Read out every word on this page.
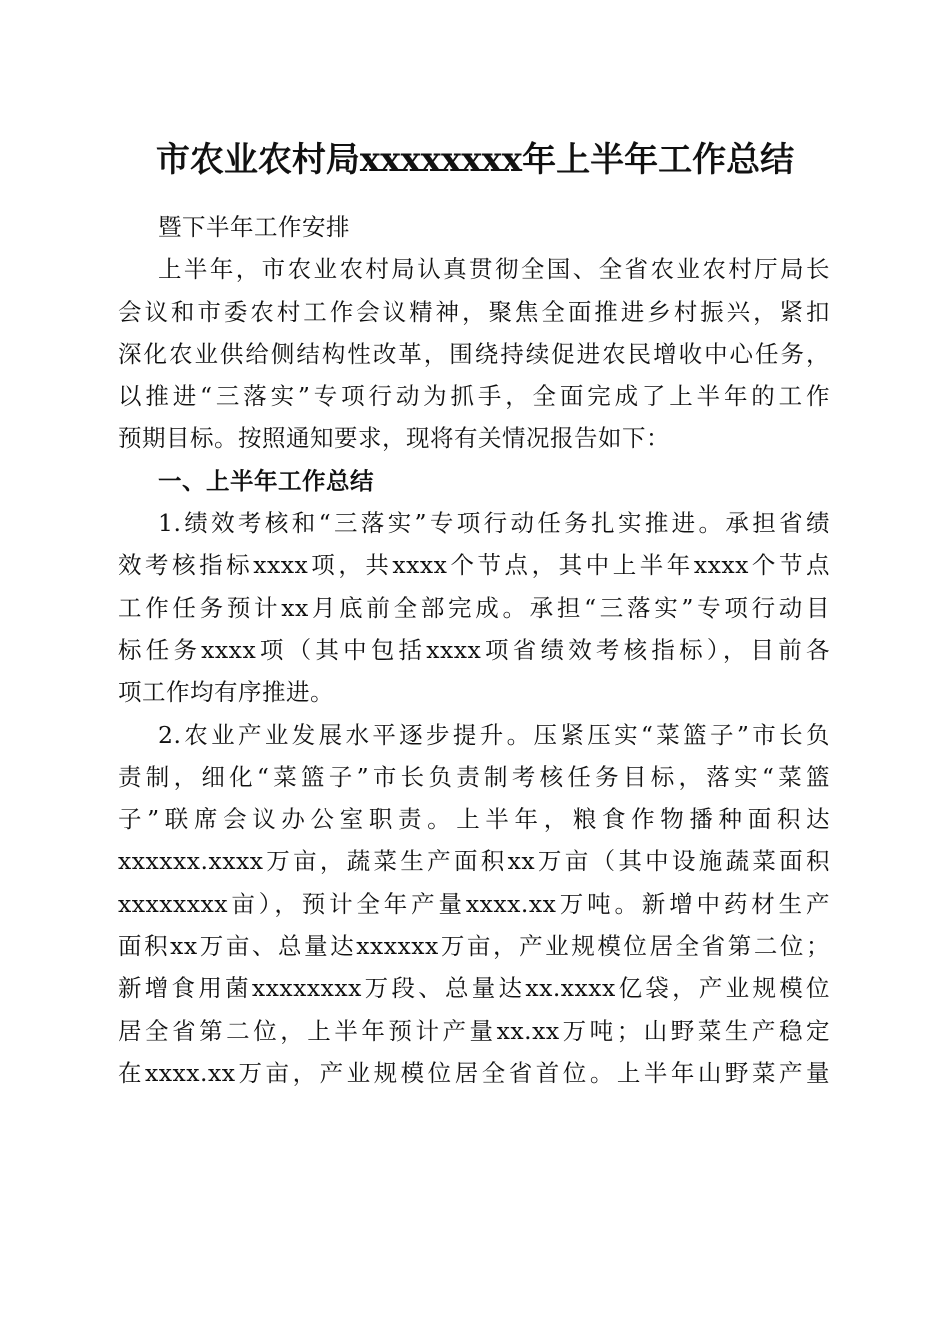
市农业农村局xxxxxxxx年上半年工作总结
暨下半年工作安排
上半年，市农业农村局认真贯彻全国、全省农业农村厅局长
会议和市委农村工作会议精神，聚焦全面推进乡村振兴，紧扣
深化农业供给侧结构性改革，围绕持续促进农民增收中心任务，
以推进“三落实”专项行动为抓手，全面完成了上半年的工作
预期目标。按照通知要求，现将有关情况报告如下：
一、上半年工作总结
1.绩效考核和“三落实”专项行动任务扎实推进。承担省绩
效考核指标xxxx项，共xxxx个节点，其中上半年xxxx个节点
工作任务预计xx月底前全部完成。承担“三落实”专项行动目
标任务xxxx项（其中包括xxxx项省绩效考核指标），目前各
项工作均有序推进。
2.农业产业发展水平逐步提升。压紧压实“菜篮子”市长负
责制，细化“菜篮子”市长负责制考核任务目标，落实“菜篮
子”联席会议办公室职责。上半年，粮食作物播种面积达
xxxxxx.xxxx万亩，蔬菜生产面积xx万亩（其中设施蔬菜面积
xxxxxxxx亩），预计全年产量xxxx.xx万吨。新增中药材生产
面积xx万亩、总量达xxxxxx万亩，产业规模位居全省第二位；
新增食用菌xxxxxxxx万段、总量达xx.xxxx亿袋，产业规模位
居全省第二位，上半年预计产量xx.xx万吨；山野菜生产稳定
在xxxx.xx万亩，产业规模位居全省首位。上半年山野菜产量
